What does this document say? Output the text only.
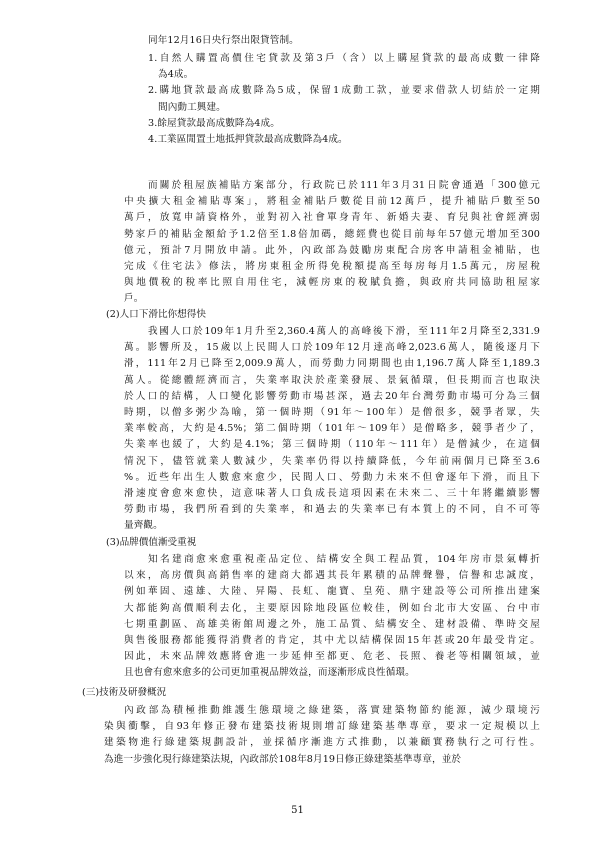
同年12月16日央行祭出限貸管制。
1.自然人購置高價住宅貸款及第3戶（含）以上購屋貸款的最高成數一律降
為4成。
2.購地貸款最高成數降為5成，保留1成動工款，並要求借款人切結於一定期
間內動工興建。
3.餘屋貸款最高成數降為4成。
4.工業區閒置土地抵押貸款最高成數降為4成。
而關於租屋族補貼方案部分，行政院已於111年3月31日院會通過「300億元
中央擴大租金補貼專案」，將租金補貼戶數從目前12萬戶，提升補貼戶數至50
萬戶，放寬申請資格外，並對初入社會單身青年、新婚夫妻、育兒與社會經濟弱
勢家戶的補貼金額給予1.2倍至1.8倍加碼，總經費也從目前每年57億元增加至300
億元，預計7月開放申請。此外，內政部為鼓勵房東配合房客申請租金補貼，也
完成《住宅法》修法，將房東租金所得免稅額提高至每房每月1.5萬元，房屋稅
與地價稅的稅率比照自用住宅，減輕房東的稅賦負擔，與政府共同協助租屋家
戶。
(2)人口下滑比你想得快
我國人口於109年1月升至2,360.4萬人的高峰後下滑，至111年2月降至2,331.9
萬。影響所及，15歲以上民間人口於109年12月達高峰2,023.6萬人，隨後逐月下
滑，111年2月已降至2,009.9萬人，而勞動力同期間也由1,196.7萬人降至1,189.3
萬人。從總體經濟而言，失業率取決於產業發展、景氣循環，但長期而言也取決
於人口的結構，人口變化影響勞動市場甚深，過去20年台灣勞動市場可分為三個
時期，以僧多粥少為喻，第一個時期（91年～100年）是僧很多，競爭者眾，失
業率較高，大約是4.5%；第二個時期（101年～109年）是僧略多，競爭者少了，
失業率也緩了，大約是4.1%；第三個時期（110年～111年）是僧減少，在這個
情況下，儘管就業人數減少，失業率仍得以持續降低，今年前兩個月已降至3.6
%。近些年出生人數愈來愈少，民間人口、勞動力未來不但會逐年下滑，而且下
滑速度會愈來愈快，這意味著人口負成長這項因素在未來二、三十年將繼續影響
勞動市場，我們所看到的失業率，和過去的失業率已有本質上的不同，自不可等
量齊觀。
(3)品牌價值漸受重視
知名建商愈來愈重視產品定位、結構安全與工程品質，104年房市景氣轉折
以來，高房價與高銷售率的建商大都遇其長年累積的品牌聲譽，信譽和忠誠度，
例如華固、遠雄、大陸、昇陽、長虹、龍寶、皇苑、鼎宇建設等公司所推出建案
大都能夠高價順利去化，主要原因除地段區位較佳，例如台北市大安區、台中市
七期重劃區、高雄美術館周邊之外，施工品質、結構安全、建材設備、準時交屋
與售後服務都能獲得消費者的肯定，其中尤以結構保固15年甚或20年最受肯定。
因此，未來品牌效應將會進一步延伸至都更、危老、長照、養老等相關領域，並
且也會有愈來愈多的公司更加重視品牌效益，而逐漸形成良性循環。
(三)技術及研發概況
內政部為積極推動維護生態環境之綠建築，落實建築物節約能源，減少環境污
染與衝擊，自93年修正發布建築技術規則增訂綠建築基準專章，要求一定規模以上
建築物進行綠建築規劃設計，並採循序漸進方式推動，以兼顧實務執行之可行性。
為進一步強化現行綠建築法規，內政部於108年8月19日修正綠建築基準專章，並於
51
